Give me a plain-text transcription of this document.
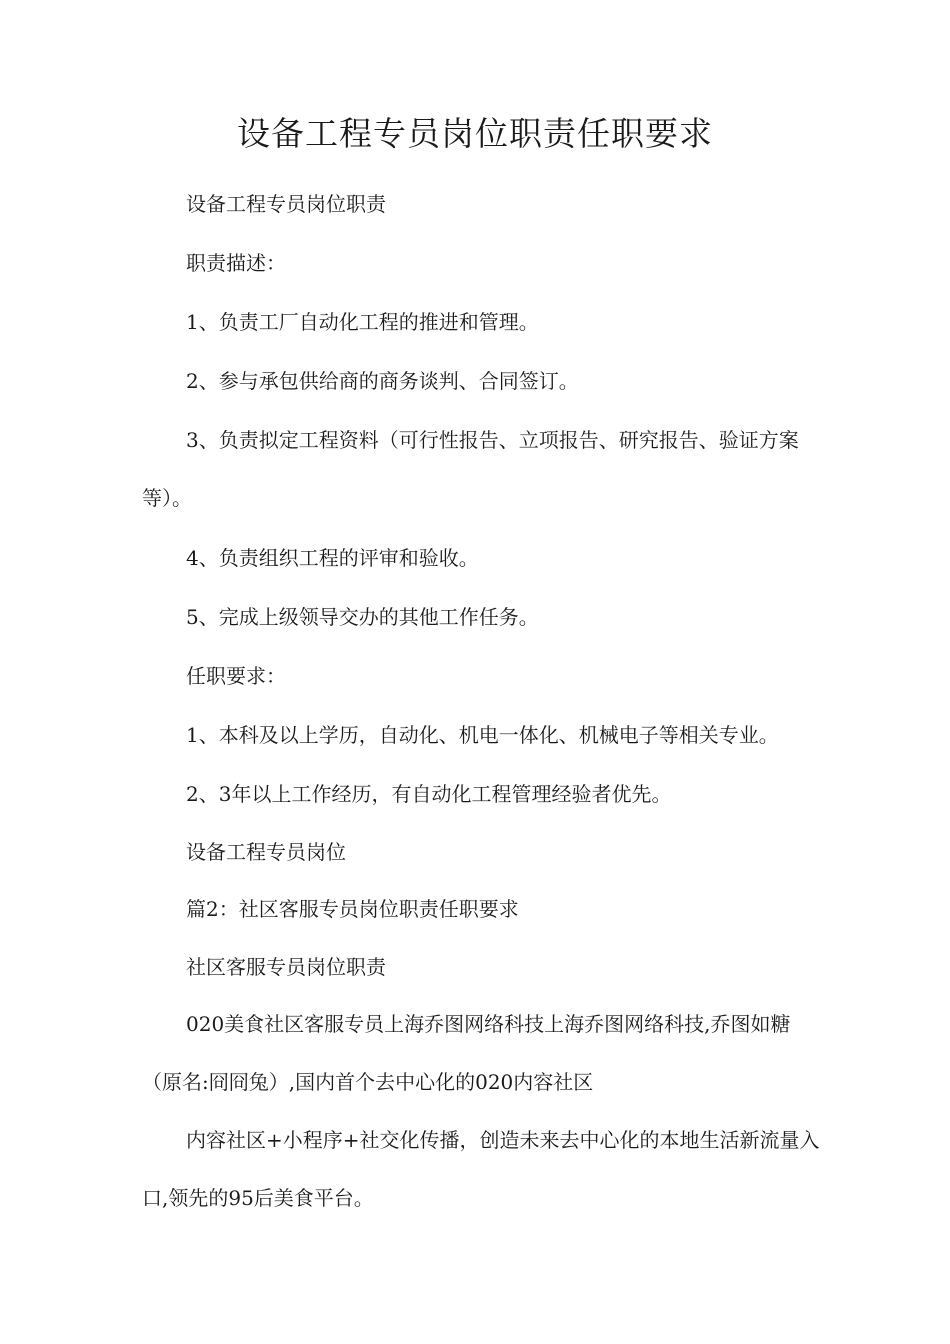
设备工程专员岗位职责任职要求

设备工程专员岗位职责

职责描述：

1、负责工厂自动化工程的推进和管理。

2、参与承包供给商的商务谈判、合同签订。

3、负责拟定工程资料（可行性报告、立项报告、研究报告、验证方案等）。

4、负责组织工程的评审和验收。

5、完成上级领导交办的其他工作任务。

任职要求：

1、本科及以上学历，自动化、机电一体化、机械电子等相关专业。

2、3年以上工作经历，有自动化工程管理经验者优先。

设备工程专员岗位

篇2：社区客服专员岗位职责任职要求

社区客服专员岗位职责

020美食社区客服专员上海乔图网络科技上海乔图网络科技,乔图如糖（原名:冏冏兔）,国内首个去中心化的020内容社区

内容社区+小程序+社交化传播，创造未来去中心化的本地生活新流量入口,领先的95后美食平台。
